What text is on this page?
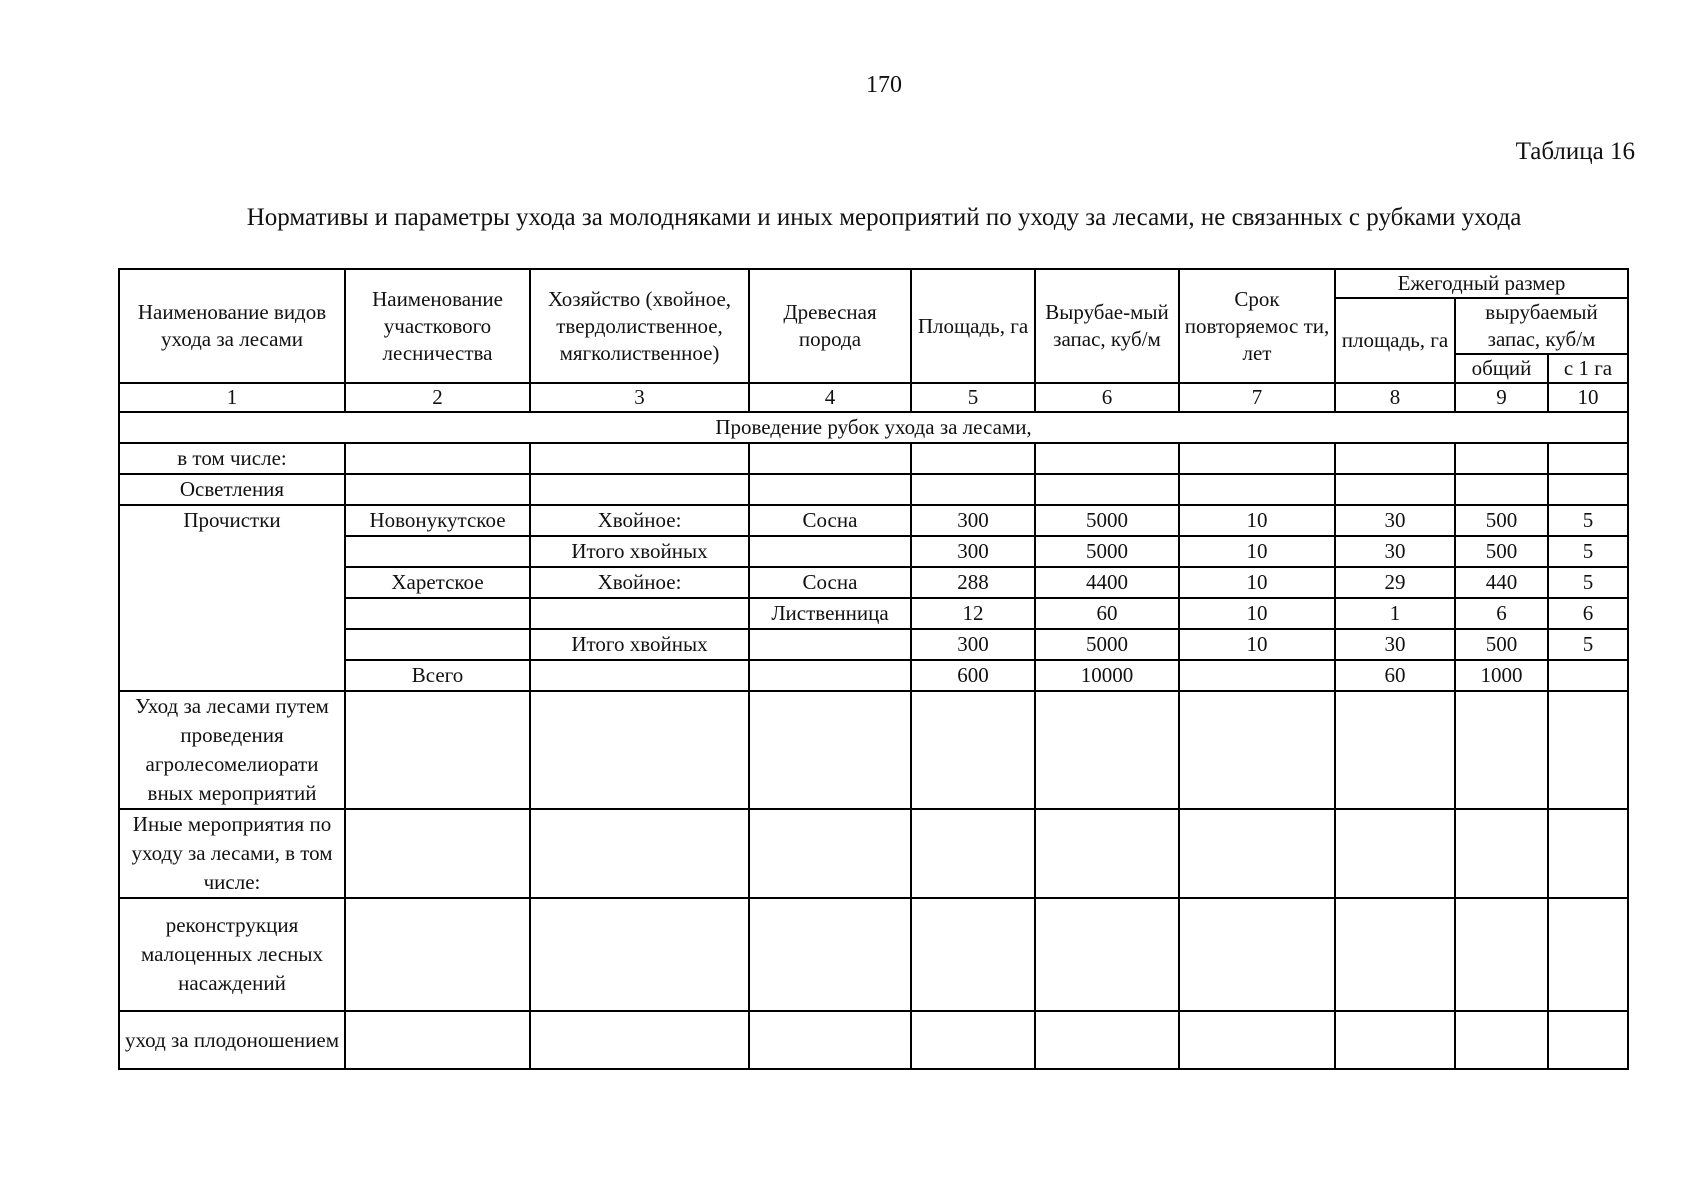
170
Таблица 16
Нормативы и параметры ухода за молодняками и иных мероприятий по уходу за лесами, не связанных с рубками ухода
Наименование видов ухода за лесами	Наименование участкового лесничества	Хозяйство (хвойное, твердолиственное, мягколиственное)	Древесная порода	Площадь, га	Вырубае-мый запас, куб/м	Срок повторяемос ти, лет	Ежегодный размер		
							площадь, га	вырубаемый запас, куб/м	
								общий	с 1 га
1	2	3	4	5	6	7	8	9	10
Проведение рубок ухода за лесами,									
в том числе:									
Осветления									
Прочистки	Новонукутское	Хвойное:	Сосна	300	5000	10	30	500	5
		Итого хвойных		300	5000	10	30	500	5
	Харетское	Хвойное:	Сосна	288	4400	10	29	440	5
			Лиственница	12	60	10	1	6	6
		Итого хвойных		300	5000	10	30	500	5
	Всего			600	10000		60	1000	
Уход за лесами путем проведения агролесомелиорати вных мероприятий									
Иные мероприятия по уходу за лесами, в том числе:									
реконструкция малоценных лесных насаждений									
уход за плодоношением									
